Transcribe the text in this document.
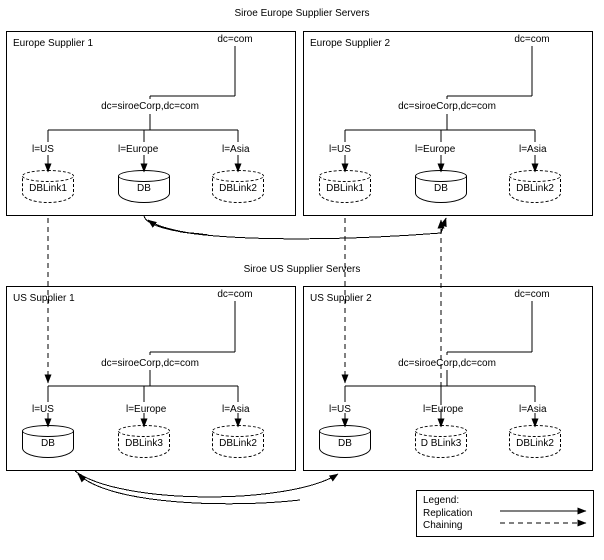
Siroe Europe Supplier Servers
Siroe US Supplier Servers
Europe Supplier 1	dc=com
dc=siroeCorp,dc=com
l=US	l=Europe	l=Asia
DBLink1	DB	DBLink2
Europe Supplier 2	dc=com
dc=siroeCorp,dc=com
l=US	l=Europe	l=Asia
DBLink1	DB	DBLink2
US Supplier 1	dc=com
dc=siroeCorp,dc=com
l=US	l=Europe	l=Asia
DB	DBLink3	DBLink2
US Supplier 2	dc=com
dc=siroeCorp,dc=com
l=US	l=Europe	l=Asia
DB	D BLink3	DBLink2
Legend:
Replication
Chaining
